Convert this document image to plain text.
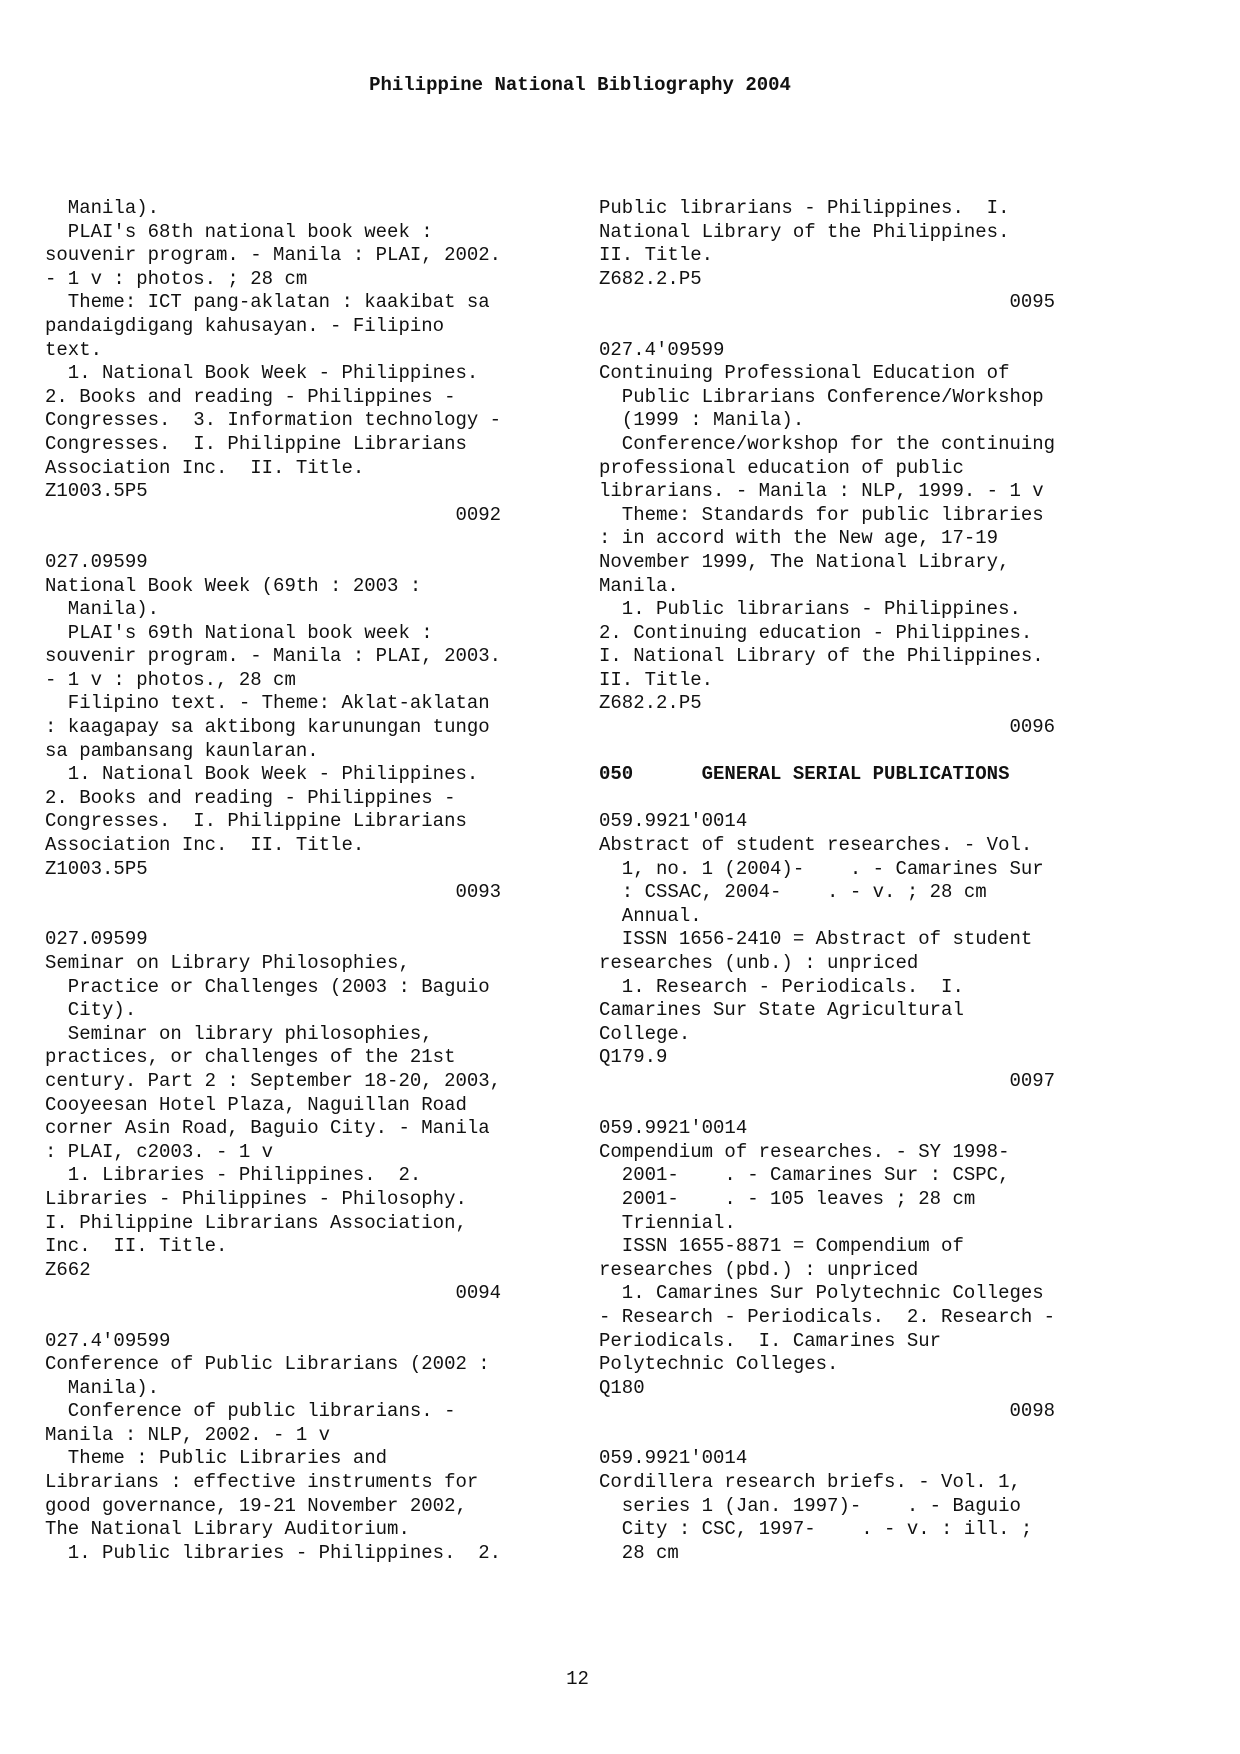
Philippine National Bibliography 2004
Manila).
PLAI's 68th national book week :
souvenir program. - Manila : PLAI, 2002.
- 1 v : photos. ; 28 cm
Theme: ICT pang-aklatan : kaakibat sa
pandaigdigang kahusayan. - Filipino
text.
1. National Book Week - Philippines.
2. Books and reading - Philippines -
Congresses.  3. Information technology -
Congresses.  I. Philippine Librarians
Association Inc.  II. Title.
Z1003.5P5
0092
027.09599
National Book Week (69th : 2003 :
Manila).
PLAI's 69th National book week :
souvenir program. - Manila : PLAI, 2003.
- 1 v : photos., 28 cm
Filipino text. - Theme: Aklat-aklatan
: kaagapay sa aktibong karunungan tungo
sa pambansang kaunlaran.
1. National Book Week - Philippines.
2. Books and reading - Philippines -
Congresses.  I. Philippine Librarians
Association Inc.  II. Title.
Z1003.5P5
0093
027.09599
Seminar on Library Philosophies,
Practice or Challenges (2003 : Baguio
City).
Seminar on library philosophies,
practices, or challenges of the 21st
century. Part 2 : September 18-20, 2003,
Cooyeesan Hotel Plaza, Naguillan Road
corner Asin Road, Baguio City. - Manila
: PLAI, c2003. - 1 v
1. Libraries - Philippines.  2.
Libraries - Philippines - Philosophy.
I. Philippine Librarians Association,
Inc.  II. Title.
Z662
0094
027.4'09599
Conference of Public Librarians (2002 :
Manila).
Conference of public librarians. -
Manila : NLP, 2002. - 1 v
Theme : Public Libraries and
Librarians : effective instruments for
good governance, 19-21 November 2002,
The National Library Auditorium.
1. Public libraries - Philippines.  2.
Public librarians - Philippines.  I.
National Library of the Philippines.
II. Title.
Z682.2.P5
0095
027.4'09599
Continuing Professional Education of
Public Librarians Conference/Workshop
(1999 : Manila).
Conference/workshop for the continuing
professional education of public
librarians. - Manila : NLP, 1999. - 1 v
Theme: Standards for public libraries
: in accord with the New age, 17-19
November 1999, The National Library,
Manila.
1. Public librarians - Philippines.
2. Continuing education - Philippines.
I. National Library of the Philippines.
II. Title.
Z682.2.P5
0096
050      GENERAL SERIAL PUBLICATIONS
059.9921'0014
Abstract of student researches. - Vol.
1, no. 1 (2004)-    . - Camarines Sur
: CSSAC, 2004-    . - v. ; 28 cm
Annual.
ISSN 1656-2410 = Abstract of student
researches (unb.) : unpriced
1. Research - Periodicals.  I.
Camarines Sur State Agricultural
College.
Q179.9
0097
059.9921'0014
Compendium of researches. - SY 1998-
2001-    . - Camarines Sur : CSPC,
2001-    . - 105 leaves ; 28 cm
Triennial.
ISSN 1655-8871 = Compendium of
researches (pbd.) : unpriced
1. Camarines Sur Polytechnic Colleges
- Research - Periodicals.  2. Research -
Periodicals.  I. Camarines Sur
Polytechnic Colleges.
Q180
0098
059.9921'0014
Cordillera research briefs. - Vol. 1,
series 1 (Jan. 1997)-    . - Baguio
City : CSC, 1997-    . - v. : ill. ;
28 cm
12
